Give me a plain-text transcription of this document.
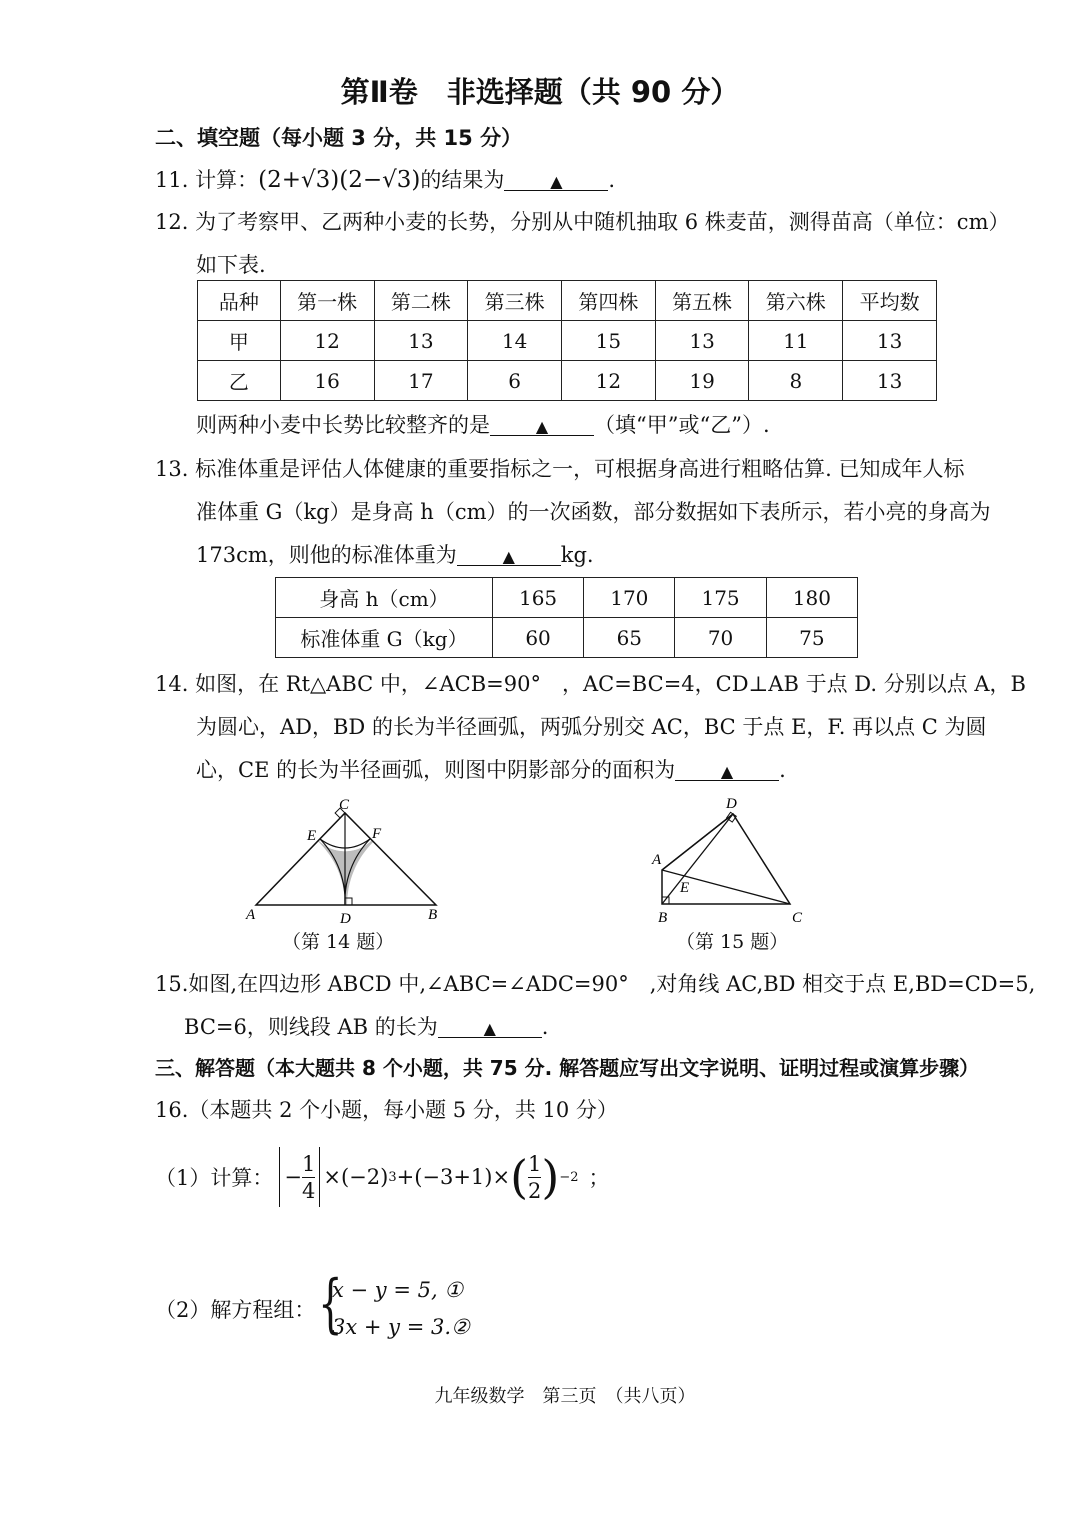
第Ⅱ卷　非选择题（共 90 分）
二、填空题（每小题 3 分，共 15 分）
11. 计算：(2+√3)(2−√3)的结果为	▲ .
12. 为了考察甲、乙两种小麦的长势，分别从中随机抽取 6 株麦苗，测得苗高（单位：cm）
如下表.
品种	第一株	第二株	第三株	第四株	第五株	第六株	平均数
甲	12	13	14	15	13	11	13
乙	16	17	6	12	19	8	13
则两种小麦中长势比较整齐的是	▲ （填“甲”或“乙”）.
13. 标准体重是评估人体健康的重要指标之一，可根据身高进行粗略估算. 已知成年人标
准体重 G（kg）是身高 h（cm）的一次函数，部分数据如下表所示，若小亮的身高为
173cm，则他的标准体重为	▲ kg.
身高 h（cm）	165	170	175	180
标准体重 G（kg）	60	65	70	75
14. 如图，在 Rt△ABC 中，∠ACB=90°　，AC=BC=4，CD⊥AB 于点 D. 分别以点 A，B
为圆心，AD，BD 的长为半径画弧，两弧分别交 AC，BC 于点 E，F. 再以点 C 为圆
心，CE 的长为半径画弧，则图中阴影部分的面积为	▲ .
A	B
C
D
E	F
（第 14 题）
A
B	C
D
E
（第 15 题）
15.如图,在四边形 ABCD 中,∠ABC=∠ADC=90°　,对角线 AC,BD 相交于点 E,BD=CD=5,
BC=6，则线段 AB 的长为	▲ .
三、解答题（本大题共 8 个小题，共 75 分. 解答题应写出文字说明、证明过程或演算步骤）
16.（本题共 2 个小题，每小题 5 分，共 10 分）
（1）计算： − $\frac{1}{4} \times(-2)$ 3 +(−3+1)× ( $\frac{1}{2}$ ) −2 ；
（2）解方程组： {
x − y = 5, ①
3x + y = 3.②
九年级数学　第三页　（共八页）
